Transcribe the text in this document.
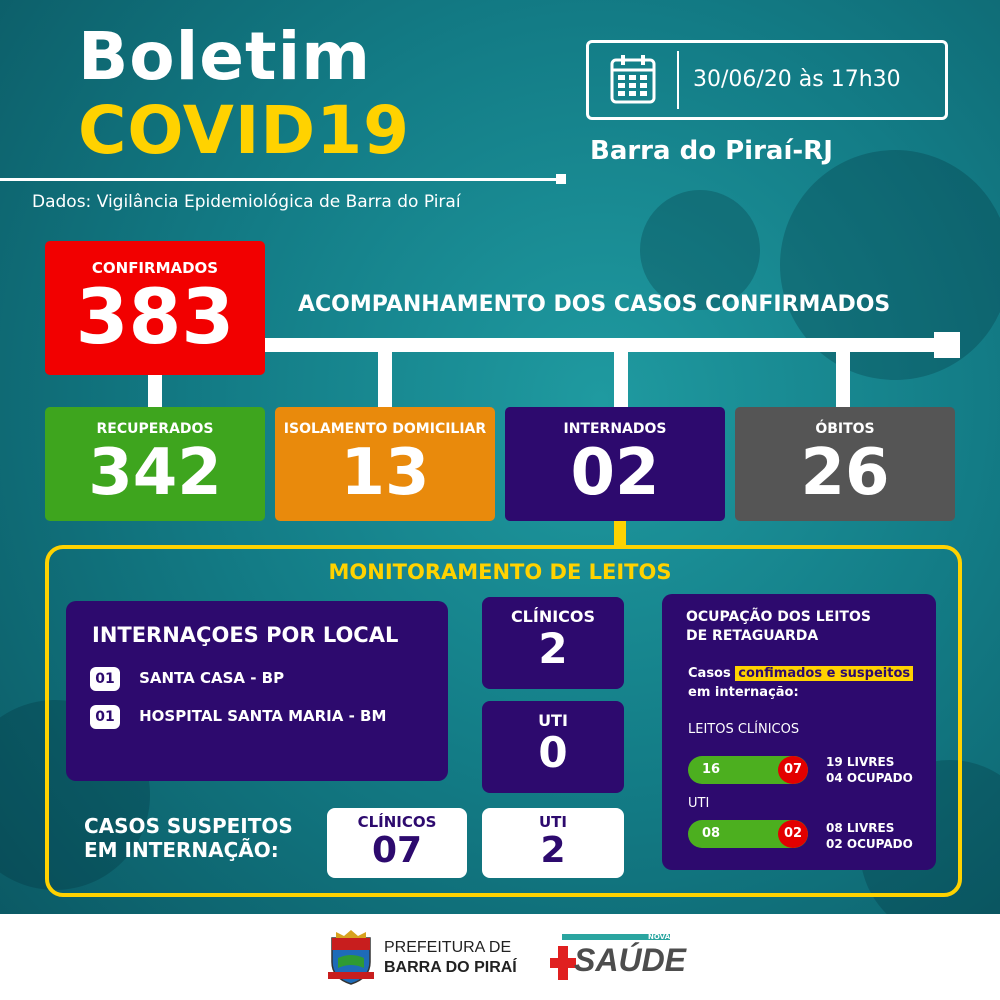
Boletim
COVID19
Dados: Vigilância Epidemiológica de Barra do Piraí
30/06/20 às 17h30
Barra do Piraí-RJ
CONFIRMADOS
383	ACOMPANHAMENTO DOS CASOS CONFIRMADOS
RECUPERADOS
342
ISOLAMENTO DOMICILIAR
13
INTERNADOS
02
ÓBITOS
26
MONITORAMENTO DE LEITOS
INTERNAÇOES POR LOCAL
01 SANTA CASA - BP
01 HOSPITAL SANTA MARIA - BM
CLÍNICOS
2
UTI
0
CASOS SUSPEITOS
EM INTERNAÇÃO:
CLÍNICOS
07
UTI
2
OCUPAÇÃO DOS LEITOS
DE RETAGUARDA
Casos confimados e suspeitos
em internação:
LEITOS CLÍNICOS
16	07	19 LIVRES
04 OCUPADO
UTI
08	02	08 LIVRES
02 OCUPADO
PREFEITURA DE
BARRA DO PIRAÍ
NOVA
SAÚDE
